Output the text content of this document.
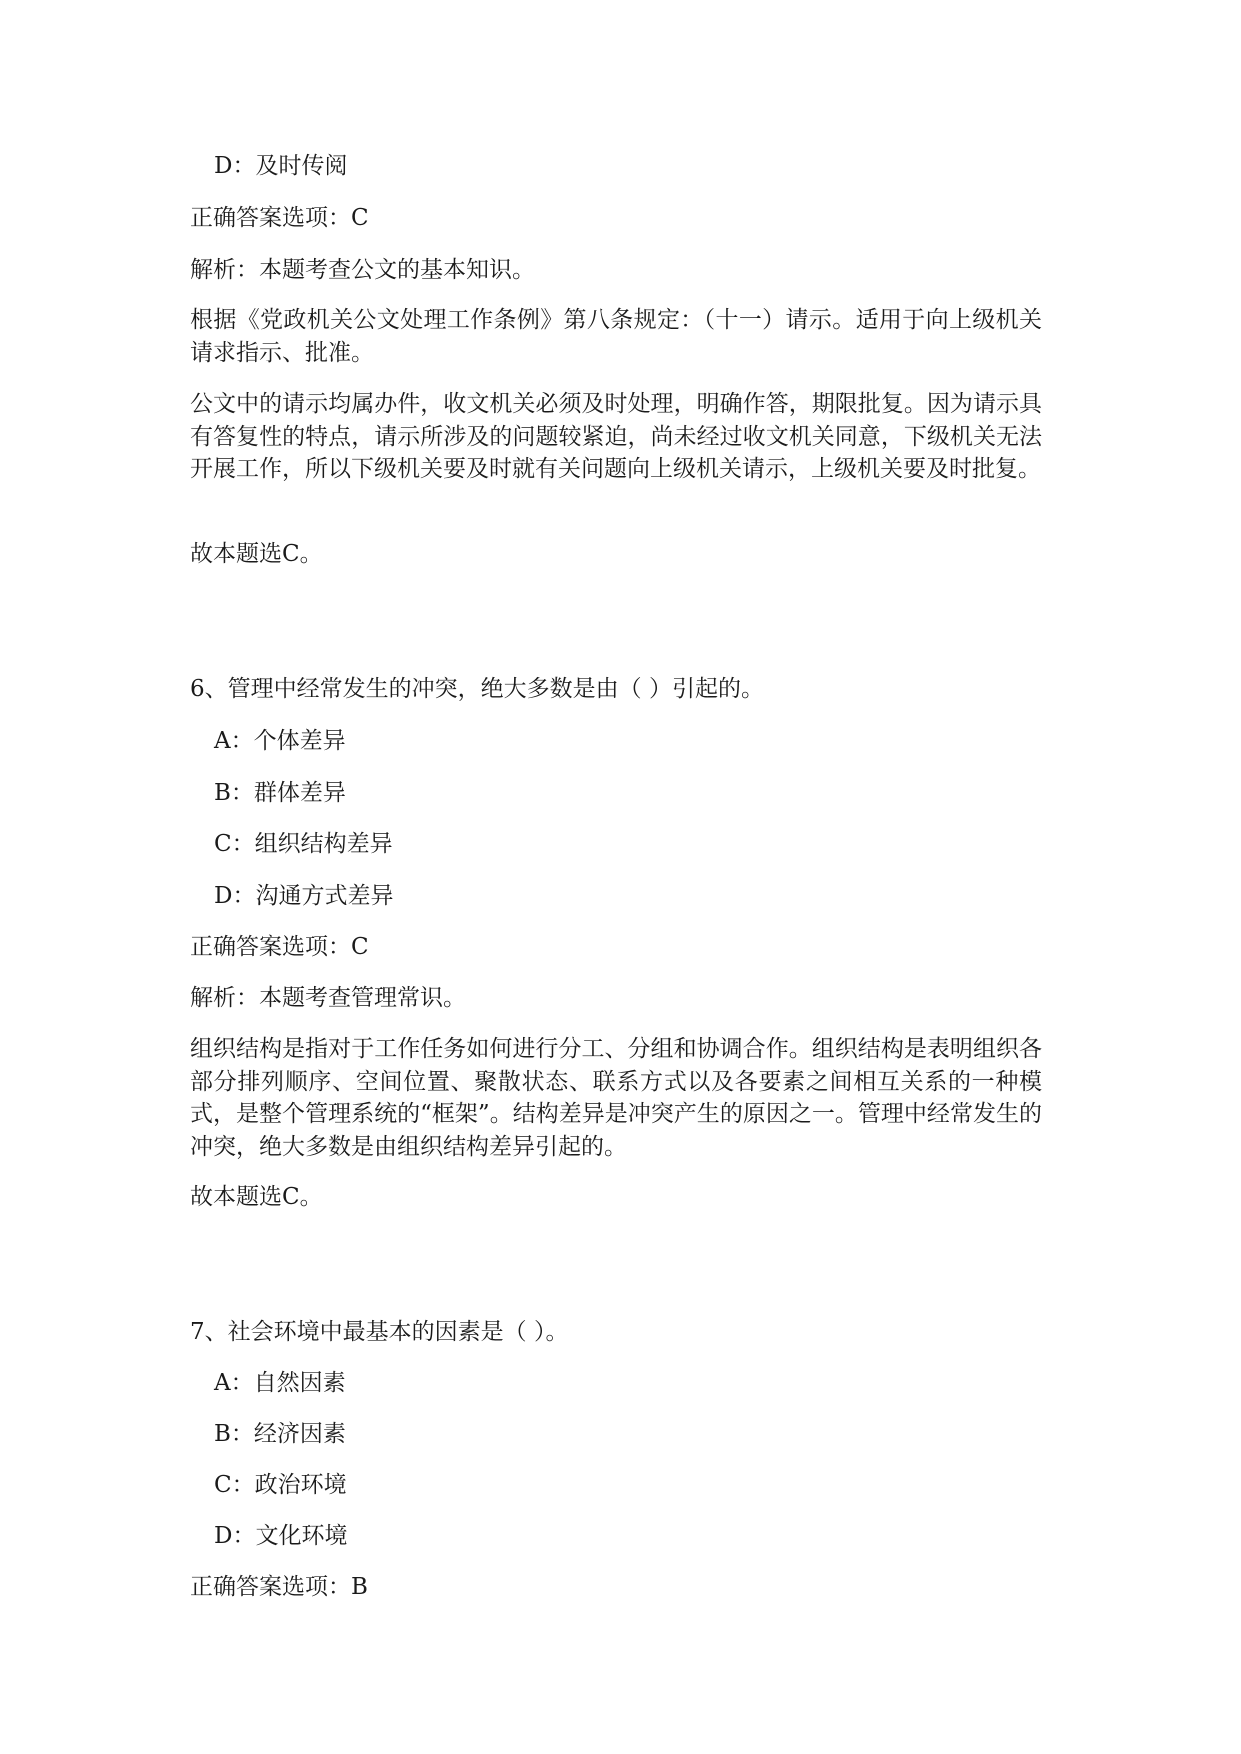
D：及时传阅
正确答案选项：C
解析：本题考查公文的基本知识。
根据《党政机关公文处理工作条例》第八条规定：（十一）请示。适用于向上级机关请求指示、批准。
公文中的请示均属办件，收文机关必须及时处理，明确作答，期限批复。因为请示具有答复性的特点，请示所涉及的问题较紧迫，尚未经过收文机关同意，下级机关无法开展工作，所以下级机关要及时就有关问题向上级机关请示，上级机关要及时批复。
故本题选C。
6、管理中经常发生的冲突，绝大多数是由（ ）引起的。
A：个体差异
B：群体差异
C：组织结构差异
D：沟通方式差异
正确答案选项：C
解析：本题考查管理常识。
组织结构是指对于工作任务如何进行分工、分组和协调合作。组织结构是表明组织各部分排列顺序、空间位置、聚散状态、联系方式以及各要素之间相互关系的一种模式，是整个管理系统的“框架”。结构差异是冲突产生的原因之一。管理中经常发生的冲突，绝大多数是由组织结构差异引起的。
故本题选C。
7、社会环境中最基本的因素是（ ）。
A：自然因素
B：经济因素
C：政治环境
D：文化环境
正确答案选项：B
